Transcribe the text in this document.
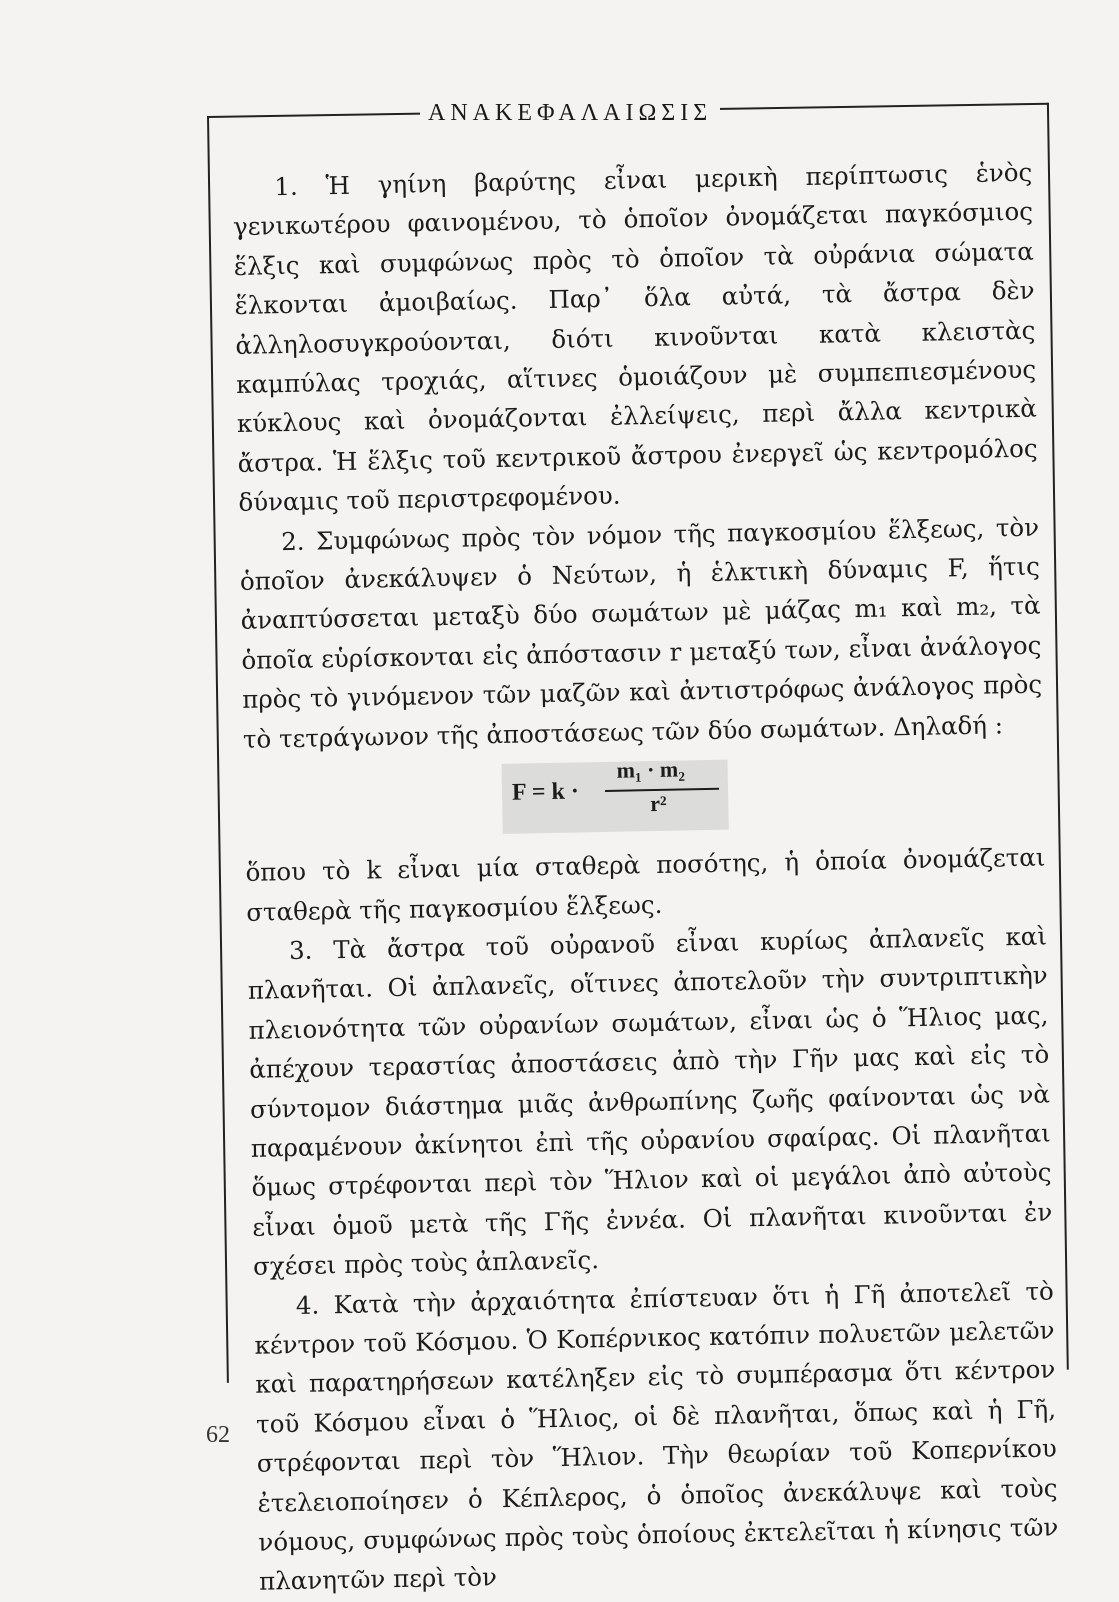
ΑΝΑΚΕΦΑΛΑΙΩΣΙΣ

1. Ἡ γηίνη βαρύτης εἶναι μερικὴ περίπτωσις ἑνὸς γενικωτέρου φαινομένου, τὸ ὁποῖον ὀνομάζεται παγκόσμιος ἕλξις καὶ συμφώνως πρὸς τὸ ὁποῖον τὰ οὐράνια σώματα ἕλκονται ἀμοιβαίως. Παρ᾿ ὅλα αὐτά, τὰ ἄστρα δὲν ἀλληλοσυγκρούονται, διότι κινοῦνται κατὰ κλειστὰς καμπύλας τροχιάς, αἵτινες ὁμοιάζουν μὲ συμπεπιεσμένους κύκλους καὶ ὀνομάζονται ἐλλείψεις, περὶ ἄλλα κεντρικὰ ἄστρα. Ἡ ἕλξις τοῦ κεντρικοῦ ἄστρου ἐνεργεῖ ὡς κεντρομόλος δύναμις τοῦ περιστρεφομένου.

2. Συμφώνως πρὸς τὸν νόμον τῆς παγκοσμίου ἕλξεως, τὸν ὁποῖον ἀνεκάλυψεν ὁ Νεύτων, ἡ ἑλκτικὴ δύναμις F, ἥτις ἀναπτύσσεται μεταξὺ δύο σωμάτων μὲ μάζας m₁ καὶ m₂, τὰ ὁποῖα εὑρίσκονται εἰς ἀπόστασιν r μεταξύ των, εἶναι ἀνάλογος πρὸς τὸ γινόμενον τῶν μαζῶν καὶ ἀντιστρόφως ἀνάλογος πρὸς τὸ τετράγωνον τῆς ἀποστάσεως τῶν δύο σωμάτων. Δηλαδή :

F = k ·
m₁ · m₂
r²

ὅπου τὸ k εἶναι μία σταθερὰ ποσότης, ἡ ὁποία ὀνομάζεται σταθερὰ τῆς παγκοσμίου ἕλξεως.

3. Τὰ ἄστρα τοῦ οὐρανοῦ εἶναι κυρίως ἀπλανεῖς καὶ πλανῆται. Οἱ ἀπλανεῖς, οἵτινες ἀποτελοῦν τὴν συντριπτικὴν πλειονότητα τῶν οὐρανίων σωμάτων, εἶναι ὡς ὁ Ἥλιος μας, ἀπέχουν τεραστίας ἀποστάσεις ἀπὸ τὴν Γῆν μας καὶ εἰς τὸ σύντομον διάστημα μιᾶς ἀνθρωπίνης ζωῆς φαίνονται ὡς νὰ παραμένουν ἀκίνητοι ἐπὶ τῆς οὐρανίου σφαίρας. Οἱ πλανῆται ὅμως στρέφονται περὶ τὸν Ἥλιον καὶ οἱ μεγάλοι ἀπὸ αὐτοὺς εἶναι ὁμοῦ μετὰ τῆς Γῆς ἐννέα. Οἱ πλανῆται κινοῦνται ἐν σχέσει πρὸς τοὺς ἀπλανεῖς.

4. Κατὰ τὴν ἀρχαιότητα ἐπίστευαν ὅτι ἡ Γῆ ἀποτελεῖ τὸ κέντρον τοῦ Κόσμου. Ὁ Κοπέρνικος κατόπιν πολυετῶν μελετῶν καὶ παρατηρήσεων κατέληξεν εἰς τὸ συμπέρασμα ὅτι κέντρον τοῦ Κόσμου εἶναι ὁ Ἥλιος, οἱ δὲ πλανῆται, ὅπως καὶ ἡ Γῆ, στρέφονται περὶ τὸν Ἥλιον. Τὴν θεωρίαν τοῦ Κοπερνίκου ἐτελειοποίησεν ὁ Κέπλερος, ὁ ὁποῖος ἀνεκάλυψε καὶ τοὺς νόμους, συμφώνως πρὸς τοὺς ὁποίους ἐκτελεῖται ἡ κίνησις τῶν πλανητῶν περὶ τὸν

62
